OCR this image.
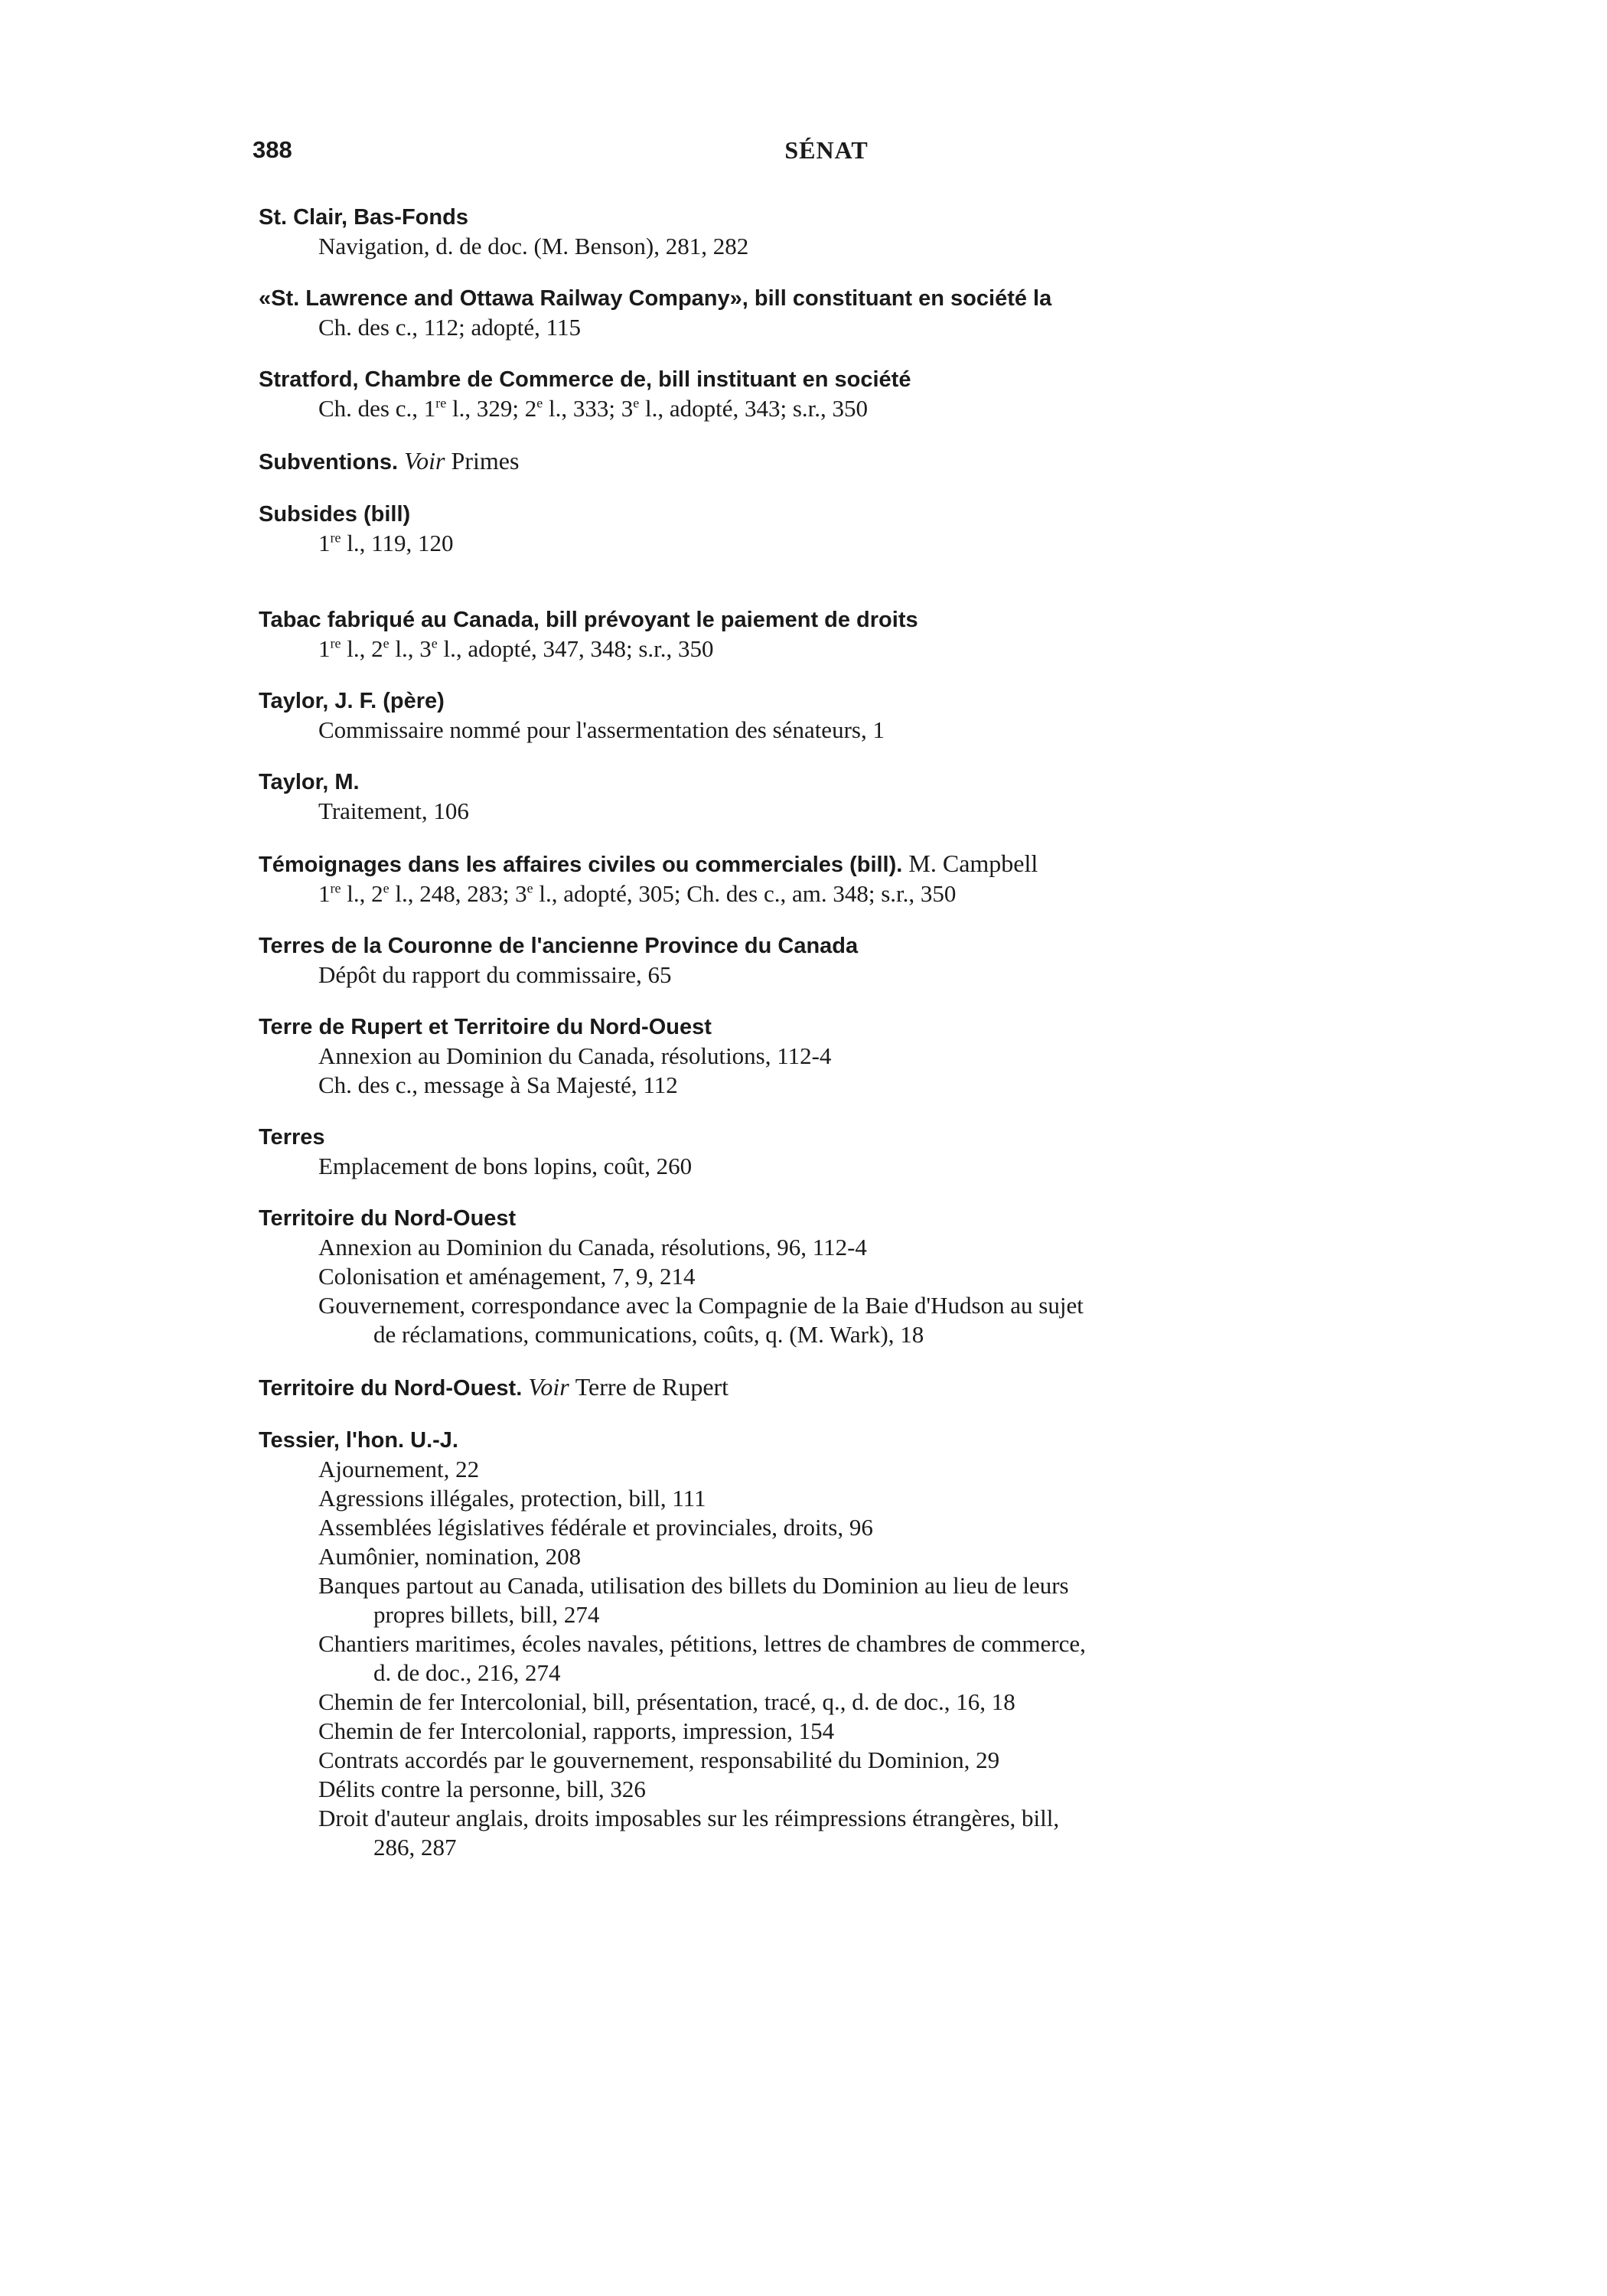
388	SÉNAT
St. Clair, Bas-Fonds
Navigation, d. de doc. (M. Benson), 281, 282
«St. Lawrence and Ottawa Railway Company», bill constituant en société la
Ch. des c., 112; adopté, 115
Stratford, Chambre de Commerce de, bill instituant en société
Ch. des c., 1re l., 329; 2e l., 333; 3e l., adopté, 343; s.r., 350
Subventions. Voir Primes
Subsides (bill)
1re l., 119, 120
Tabac fabriqué au Canada, bill prévoyant le paiement de droits
1re l., 2e l., 3e l., adopté, 347, 348; s.r., 350
Taylor, J. F. (père)
Commissaire nommé pour l'assermentation des sénateurs, 1
Taylor, M.
Traitement, 106
Témoignages dans les affaires civiles ou commerciales (bill). M. Campbell
1re l., 2e l., 248, 283; 3e l., adopté, 305; Ch. des c., am. 348; s.r., 350
Terres de la Couronne de l'ancienne Province du Canada
Dépôt du rapport du commissaire, 65
Terre de Rupert et Territoire du Nord-Ouest
Annexion au Dominion du Canada, résolutions, 112-4
Ch. des c., message à Sa Majesté, 112
Terres
Emplacement de bons lopins, coût, 260
Territoire du Nord-Ouest
Annexion au Dominion du Canada, résolutions, 96, 112-4
Colonisation et aménagement, 7, 9, 214
Gouvernement, correspondance avec la Compagnie de la Baie d'Hudson au sujet
de réclamations, communications, coûts, q. (M. Wark), 18
Territoire du Nord-Ouest. Voir Terre de Rupert
Tessier, l'hon. U.-J.
Ajournement, 22
Agressions illégales, protection, bill, 111
Assemblées législatives fédérale et provinciales, droits, 96
Aumônier, nomination, 208
Banques partout au Canada, utilisation des billets du Dominion au lieu de leurs
propres billets, bill, 274
Chantiers maritimes, écoles navales, pétitions, lettres de chambres de commerce,
d. de doc., 216, 274
Chemin de fer Intercolonial, bill, présentation, tracé, q., d. de doc., 16, 18
Chemin de fer Intercolonial, rapports, impression, 154
Contrats accordés par le gouvernement, responsabilité du Dominion, 29
Délits contre la personne, bill, 326
Droit d'auteur anglais, droits imposables sur les réimpressions étrangères, bill,
286, 287
